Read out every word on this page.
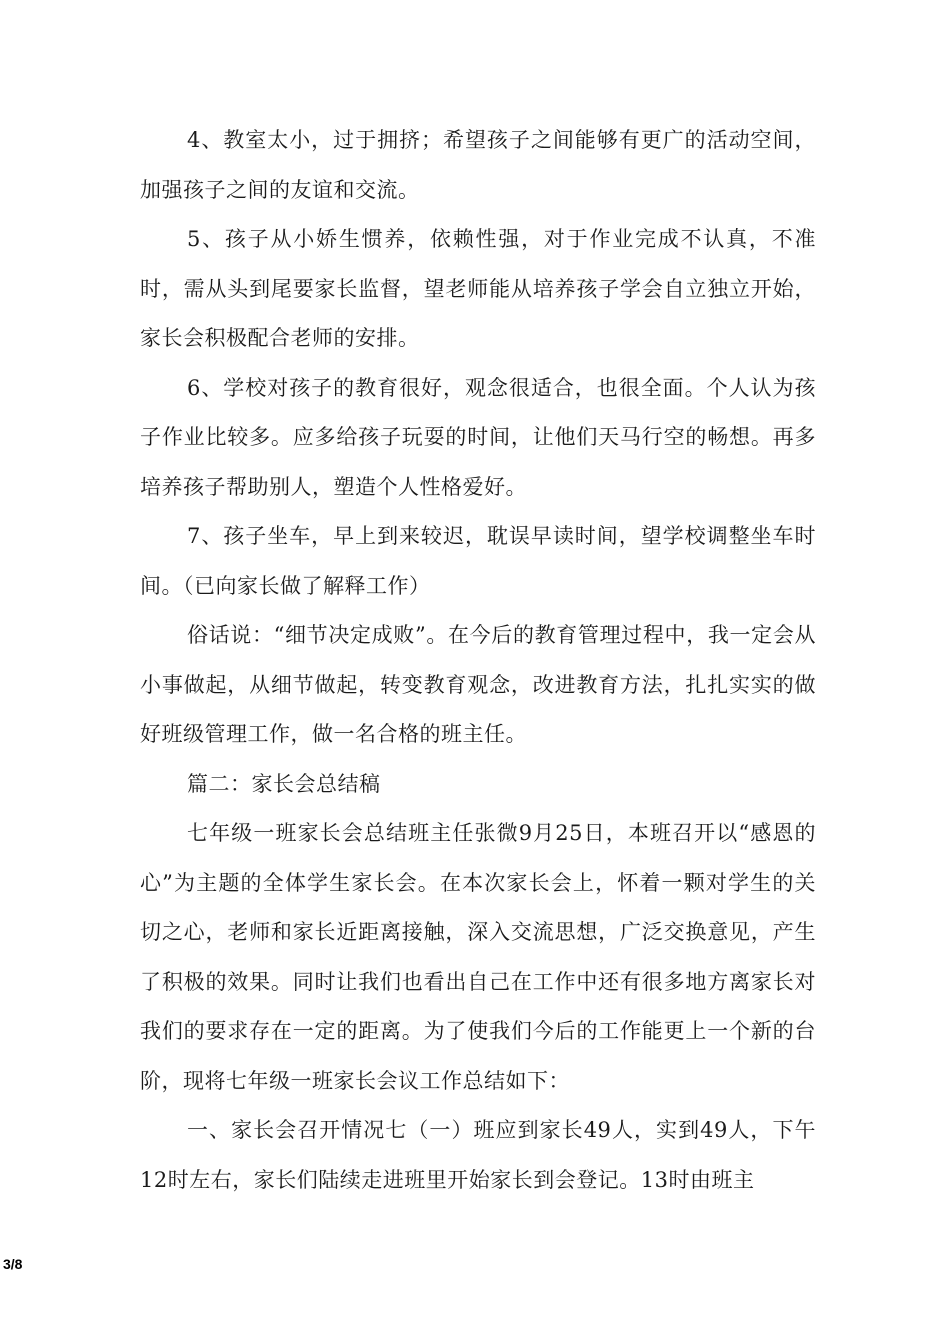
4、教室太小，过于拥挤；希望孩子之间能够有更广的活动空间，加强孩子之间的友谊和交流。

5、孩子从小娇生惯养，依赖性强，对于作业完成不认真，不准时，需从头到尾要家长监督，望老师能从培养孩子学会自立独立开始，家长会积极配合老师的安排。

6、学校对孩子的教育很好，观念很适合，也很全面。个人认为孩子作业比较多。应多给孩子玩耍的时间，让他们天马行空的畅想。再多培养孩子帮助别人，塑造个人性格爱好。

7、孩子坐车，早上到来较迟，耽误早读时间，望学校调整坐车时间。（已向家长做了解释工作）

俗话说：“细节决定成败”。在今后的教育管理过程中，我一定会从小事做起，从细节做起，转变教育观念，改进教育方法，扎扎实实的做好班级管理工作，做一名合格的班主任。

篇二：家长会总结稿

七年级一班家长会总结班主任张微9月25日，本班召开以“感恩的心”为主题的全体学生家长会。在本次家长会上，怀着一颗对学生的关切之心，老师和家长近距离接触，深入交流思想，广泛交换意见，产生了积极的效果。同时让我们也看出自己在工作中还有很多地方离家长对我们的要求存在一定的距离。为了使我们今后的工作能更上一个新的台阶，现将七年级一班家长会议工作总结如下：

一、家长会召开情况七（一）班应到家长49人，实到49人，下午12时左右，家长们陆续走进班里开始家长到会登记。13时由班主

3/8
